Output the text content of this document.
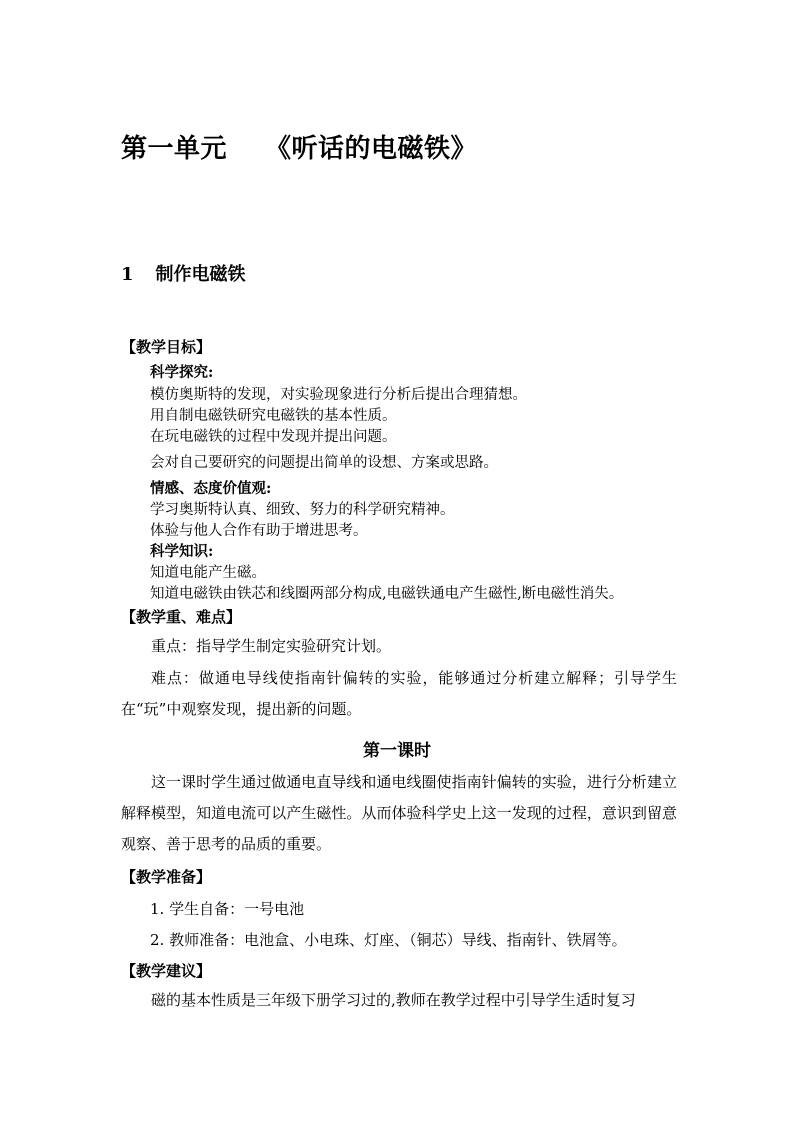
第一单元 《听话的电磁铁》
1 制作电磁铁
【教学目标】
科学探究:
模仿奥斯特的发现，对实验现象进行分析后提出合理猜想。
用自制电磁铁研究电磁铁的基本性质。
在玩电磁铁的过程中发现并提出问题。
会对自己要研究的问题提出简单的设想、方案或思路。
情感、态度价值观:
学习奥斯特认真、细致、努力的科学研究精神。
体验与他人合作有助于增进思考。
科学知识:
知道电能产生磁。
知道电磁铁由铁芯和线圈两部分构成,电磁铁通电产生磁性,断电磁性消失。
【教学重、难点】
重点：指导学生制定实验研究计划。
难点：做通电导线使指南针偏转的实验，能够通过分析建立解释；引导学生在“玩”中观察发现，提出新的问题。
第一课时
这一课时学生通过做通电直导线和通电线圈使指南针偏转的实验，进行分析建立解释模型，知道电流可以产生磁性。从而体验科学史上这一发现的过程，意识到留意观察、善于思考的品质的重要。
【教学准备】
1. 学生自备：一号电池
2. 教师准备：电池盒、小电珠、灯座、（铜芯）导线、指南针、铁屑等。
【教学建议】
磁的基本性质是三年级下册学习过的,教师在教学过程中引导学生适时复习
